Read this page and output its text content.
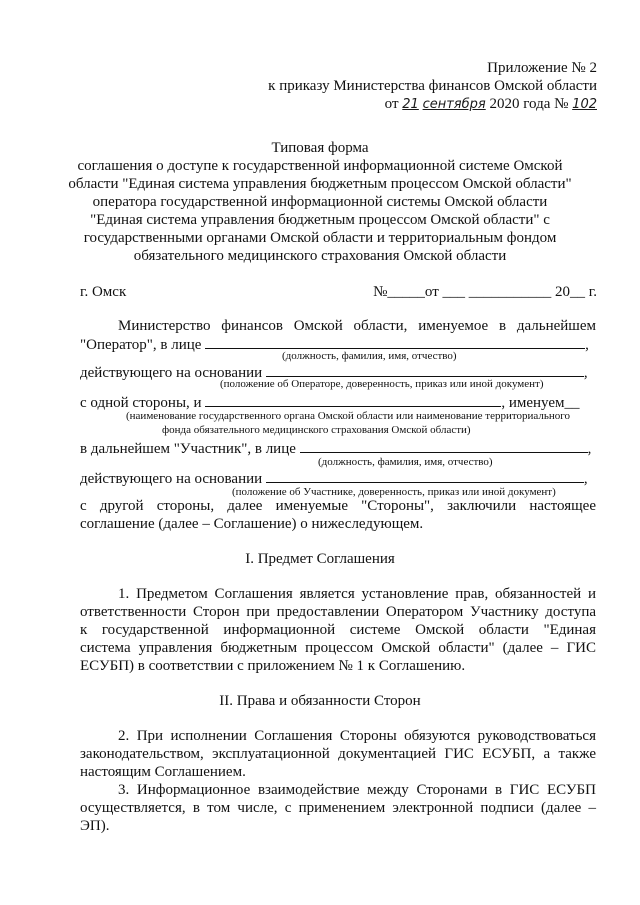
Приложение № 2
к приказу Министерства финансов Омской области
от 21 сентября 2020 года № 102
Типовая форма
соглашения о доступе к государственной информационной системе Омской
области "Единая система управления бюджетным процессом Омской области"
оператора государственной информационной системы Омской области
"Единая система управления бюджетным процессом Омской области" с
государственными органами Омской области и территориальным фондом
обязательного медицинского страхования Омской области
г. Омск	№_____от ___ ___________ 20__ г.
Министерство финансов Омской области, именуемое в дальнейшем
"Оператор", в лице	,
(должность, фамилия, имя, отчество)
действующего на основании	,
(положение об Операторе, доверенность, приказ или иной документ)
с одной стороны, и	, именуем__
(наименование государственного органа Омской области или наименование территориального
фонда обязательного медицинского страхования Омской области)
в дальнейшем "Участник", в лице	,
(должность, фамилия, имя, отчество)
действующего на основании	,
(положение об Участнике, доверенность, приказ или иной документ)
с другой стороны, далее именуемые "Стороны", заключили настоящее
соглашение (далее – Соглашение) о нижеследующем.
I. Предмет Соглашения
1. Предметом Соглашения является установление прав, обязанностей и
ответственности Сторон при предоставлении Оператором Участнику доступа
к государственной информационной системе Омской области "Единая
система управления бюджетным процессом Омской области" (далее – ГИС
ЕСУБП) в соответствии с приложением № 1 к Соглашению.
II. Права и обязанности Сторон
2. При исполнении Соглашения Стороны обязуются руководствоваться
законодательством, эксплуатационной документацией ГИС ЕСУБП, а также
настоящим Соглашением.
3. Информационное взаимодействие между Сторонами в ГИС ЕСУБП
осуществляется, в том числе, с применением электронной подписи (далее –
ЭП).
